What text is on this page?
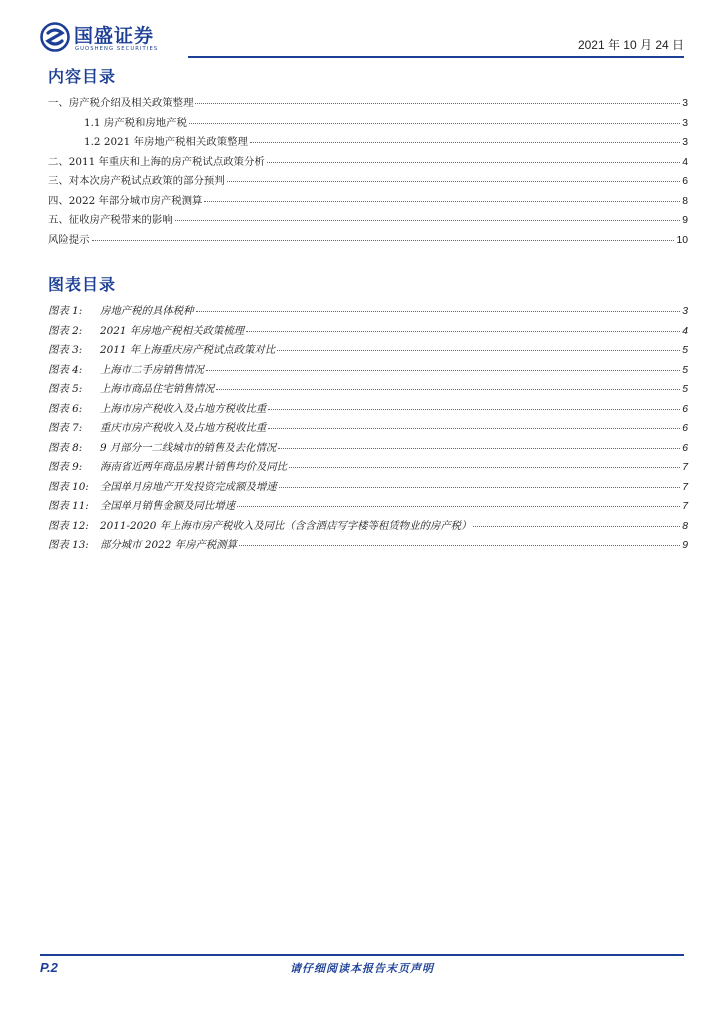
国盛证券
GUOSHENG SECURITIES	2021 年 10 月 24 日
内容目录
一、房产税介绍及相关政策整理	3
1.1 房产税和房地产税	3
1.2 2021 年房地产税相关政策整理	3
二、2011 年重庆和上海的房产税试点政策分析	4
三、对本次房产税试点政策的部分预判	6
四、2022 年部分城市房产税测算	8
五、征收房产税带来的影响	9
风险提示	10
图表目录
图表 1: 房地产税的具体税种	3
图表 2: 2021 年房地产税相关政策梳理	4
图表 3: 2011 年上海重庆房产税试点政策对比	5
图表 4: 上海市二手房销售情况	5
图表 5: 上海市商品住宅销售情况	5
图表 6: 上海市房产税收入及占地方税收比重	6
图表 7: 重庆市房产税收入及占地方税收比重	6
图表 8: 9 月部分一二线城市的销售及去化情况	6
图表 9: 海南省近两年商品房累计销售均价及同比	7
图表 10: 全国单月房地产开发投资完成额及增速	7
图表 11: 全国单月销售金额及同比增速	7
图表 12: 2011-2020 年上海市房产税收入及同比（含含酒店写字楼等租赁物业的房产税）	8
图表 13: 部分城市 2022 年房产税测算	9
P.2	请仔细阅读本报告末页声明
